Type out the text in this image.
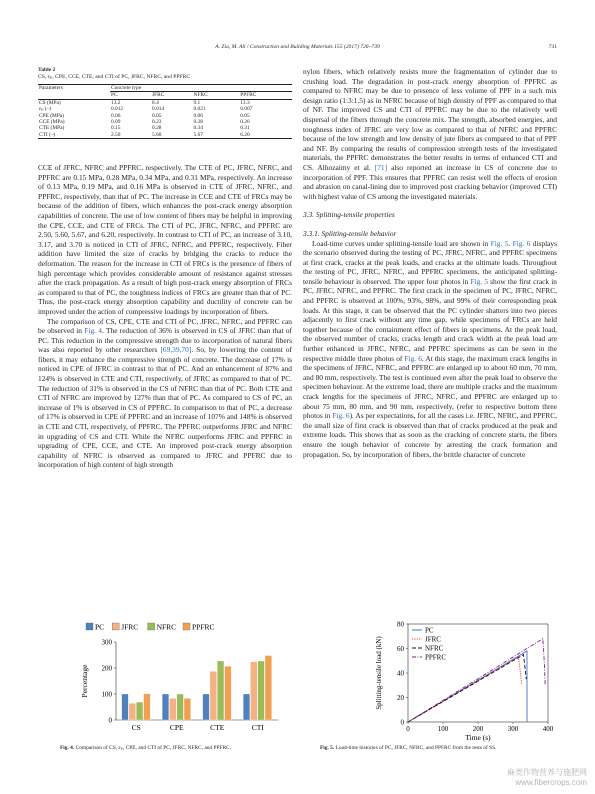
A. Zia, M. Ali / Construction and Building Materials 155 (2017) 726–739	731
Table 2
CS, εₚ, CPE, CCE, CTE, and CTI of PC, JFRC, NFRC, and PPFRC
Parameters	Concrete type			
	PC	JFRC	NFRC	PPFRC
CS (MPa)	13.2	8.4	9.1	13.3
εₚ (–)	0.012	0.014	0.021	0.007
CPE (MPa)	0.06	0.05	0.06	0.05
CCE (MPa)	0.09	0.23	0.28	0.26
CTE (MPa)	0.15	0.28	0.34	0.31
CTI (–)	2.50	5.60	5.67	6.20

CCE of JFRC, NFRC and PPFRC, respectively. The CTE of PC, JFRC, NFRC, and PPFRC are 0.15 MPa, 0.28 MPa, 0.34 MPa, and 0.31 MPa, respectively. An increase of 0.13 MPa, 0.19 MPa, and 0.16 MPa is observed in CTE of JFRC, NFRC, and PPFRC, respectively, than that of PC. The increase in CCE and CTE of FRCs may be because of the addition of fibers, which enhances the post-crack energy absorption capabilities of concrete. The use of low content of fibers may be helpful in improving the CPE, CCE, and CTE of FRCs. The CTI of PC, JFRC, NFRC, and PPFRC are 2.50, 5.60, 5.67, and 6.20, respectively. In contrast to CTI of PC, an increase of 3.10, 3.17, and 3.70 is noticed in CTI of JFRC, NFRC, and PPFRC, respectively. Fiber addition have limited the size of cracks by bridging the cracks to reduce the deformation. The reason for the increase in CTI of FRCs is the presence of fibers of high percentage which provides considerable amount of resistance against stresses after the crack propagation. As a result of high post-crack energy absorption of FRCs as compared to that of PC, the toughness indices of FRCs are greater than that of PC. Thus, the post-crack energy absorption capability and ductility of concrete can be improved under the action of compressive loadings by incorporation of fibers.

The comparison of CS, CPE, CTE and CTI of PC, JFRC, NFRC, and PPFRC can be observed in Fig. 4. The reduction of 36% is observed in CS of JFRC than that of PC. This reduction in the compressive strength due to incorporation of natural fibers was also reported by other researchers [69,39,70]. So, by lowering the content of fibers, it may enhance the compressive strength of concrete. The decrease of 17% is noticed in CPE of JFRC in contrast to that of PC. And an enhancement of 87% and 124% is observed in CTE and CTI, respectively, of JFRC as compared to that of PC. The reduction of 31% is observed in the CS of NFRC than that of PC. Both CTE and CTI of NFRC are improved by 127% than that of PC. As compared to CS of PC, an increase of 1% is observed in CS of PPFRC. In comparison to that of PC, a decrease of 17% is observed in CPE of PPFRC and an increase of 107% and 148% is observed in CTE and CTI, respectively, of PPFRC. The PPFRC outperforms JFRC and NFRC in upgrading of CS and CTI. While the NFRC outperforms JFRC and PPFRC in upgrading of CPE, CCE, and CTE. An improved post-crack energy absorption capability of NFRC is observed as compared to JFRC and PPFRC due to incorporation of high content of high strength

nylon fibers, which relatively resists more the fragmentation of cylinder due to crushing load. The degradation in post-crack energy absorption of PPFRC as compared to NFRC may be due to presence of less volume of PPF in a such mix design ratio (1:3:1.5) as in NFRC because of high density of PPF as compared to that of NF. The improved CS and CTI of PPFRC may be due to the relatively well dispersal of the fibers through the concrete mix. The strength, absorbed energies, and toughness index of JFRC are very low as compared to that of NFRC and PPFRC because of the low strength and low density of jute fibers as compared to that of PPF and NF. By comparing the results of compression strength tests of the investigated materials, the PPFRC demonstrates the better results in terms of enhanced CTI and CS. Alhozaimy et al. [71] also reported an increase in CS of concrete due to incorporation of PPF. This ensures that PPFRC can resist well the effects of erosion and abrasion on canal-lining due to improved post cracking behavior (improved CTI) with highest value of CS among the investigated materials.

3.3. Splitting-tensile properties
3.3.1. Splitting-tensile behavior

Load-time curves under splitting-tensile load are shown in Fig. 5. Fig. 6 displays the scenario observed during the testing of PC, JFRC, NFRC, and PPFRC specimens at first crack, cracks at the peak loads, and cracks at the ultimate loads. Throughout the testing of PC, JFRC, NFRC, and PPFRC specimens, the anticipated splitting-tensile behaviour is observed. The upper four photos in Fig. 5 show the first crack in PC, JFRC, NFRC, and PPFRC. The first crack in the specimen of PC, JFRC, NFRC, and PPFRC is observed at 100%, 93%, 98%, and 99% of their corresponding peak loads. At this stage, it can be observed that the PC cylinder shatters into two pieces adjacently to first crack without any time gap, while specimens of FRCs are held together because of the containment effect of fibers in specimens. At the peak load, the observed number of cracks, cracks length and crack width at the peak load are further enhanced in JFRC, NFRC, and PPFRC specimens as can be seen in the respective middle three photos of Fig. 6. At this stage, the maximum crack lengths in the specimens of JFRC, NFRC, and PPFRC are enlarged up to about 60 mm, 70 mm, and 80 mm, respectively. The test is continued even after the peak load to observe the specimen behaviour. At the extreme load, there are multiple cracks and the maximum crack lengths for the specimens of JFRC, NFRC, and PPFRC are enlarged up to about 75 mm, 80 mm, and 90 mm, respectively, (refer to respective bottom three photos in Fig. 6). As per expectations, for all the cases i.e. JFRC, NFRC, and PPFRC, the small size of first crack is observed than that of cracks produced at the peak and extreme loads. This shows that as soon as the cracking of concrete starts, the fibers ensure the tough behavior of concrete by arresting the crack formation and propagation. So, by incorporation of fibers, the brittle character of concrete

PC JFRC NFRC PPFRC
0
100
200
300
Percentage
CS	CPE	CTE	CTI
Fig. 4. Comparison of CS, εₚ, CPE, and CTI of PC, JFRC, NFRC, and PPFRC.
0
20
40
60
80
0	100	200	300	400
Time (s)
Splitting-tensile load (kN)
PC
JFRC
NFRC
PPFRC
Fig. 5. Load-time histories of PC, JFRC, NFRC, and PPFRC from the tests of SS.
麻类作物营养与施肥网
www.fibercrops.com
